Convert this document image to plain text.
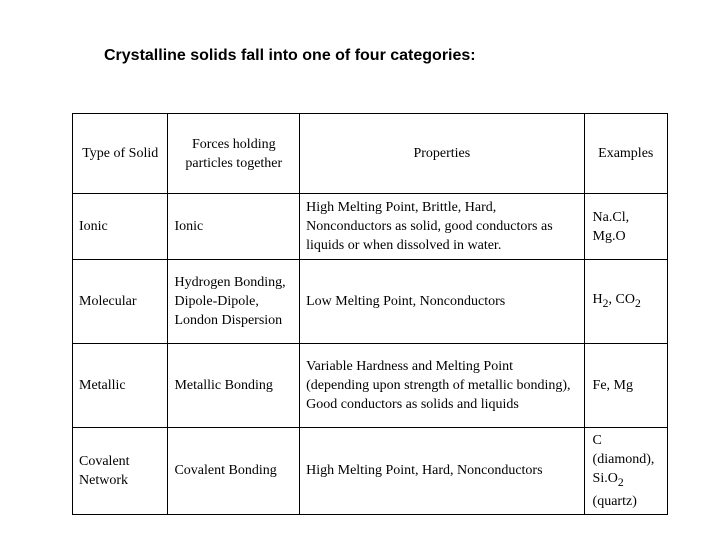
Crystalline solids fall into one of four categories:
Type of Solid	Forces holding particles together	Properties	Examples
Ionic	Ionic	High Melting Point, Brittle, Hard, Nonconductors as solid, good conductors as liquids or when dissolved in water.	Na.Cl, Mg.O
Molecular	Hydrogen Bonding, Dipole-Dipole, London Dispersion	Low Melting Point, Nonconductors	$H_2$, $CO_2$
Metallic	Metallic Bonding	Variable Hardness and Melting Point (depending upon strength of metallic bonding), Good conductors as solids and liquids	Fe, Mg
Covalent Network	Covalent Bonding	High Melting Point, Hard, Nonconductors	C (diamond), $Si.O_2$ (quartz)
